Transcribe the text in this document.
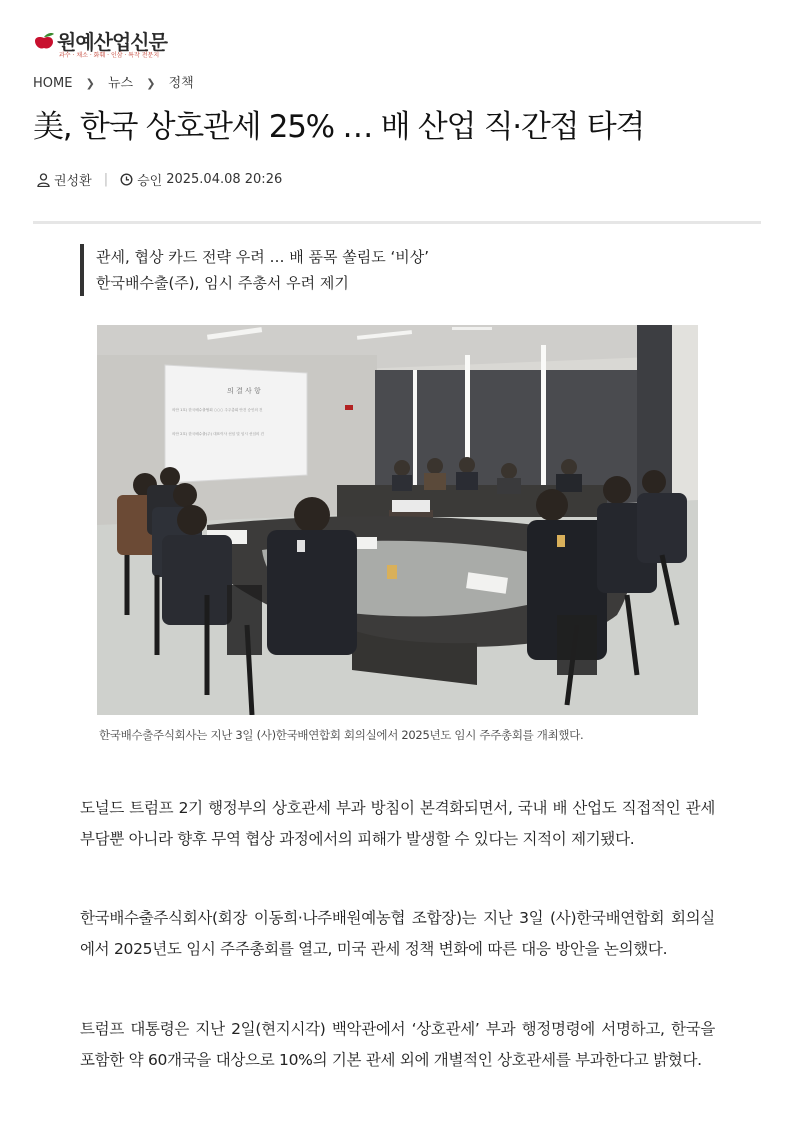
원예산업신문
과수 · 채소 · 화훼 · 인삼 · 특작 전문지
HOME ❯ 뉴스 ❯ 정책
美, 한국 상호관세 25% … 배 산업 직·간접 타격
권성환 | 승인 2025.04.08 20:26
관세, 협상 카드 전략 우려 … 배 품목 쏠림도 ‘비상’
한국배수출(주), 임시 주총서 우려 제기
의 결 사 항
의안 1호) 한국배수출협회 ○○○ 주주총회 안건 승인의 건
의안 2호) 한국배수출(주) 대표이사 선임 및 임시 선임의 건
한국배수출주식회사는 지난 3일 (사)한국배연합회 회의실에서 2025년도 임시 주주총회를 개최했다.

도널드 트럼프 2기 행정부의 상호관세 부과 방침이 본격화되면서, 국내 배 산업도 직접적인 관세 부담뿐 아니라 향후 무역 협상 과정에서의 피해가 발생할 수 있다는 지적이 제기됐다.

한국배수출주식회사(회장 이동희·나주배원예농협 조합장)는 지난 3일 (사)한국배연합회 회의실에서 2025년도 임시 주주총회를 열고, 미국 관세 정책 변화에 따른 대응 방안을 논의했다.

트럼프 대통령은 지난 2일(현지시각) 백악관에서 ‘상호관세’ 부과 행정명령에 서명하고, 한국을 포함한 약 60개국을 대상으로 10%의 기본 관세 외에 개별적인 상호관세를 부과한다고 밝혔다.
